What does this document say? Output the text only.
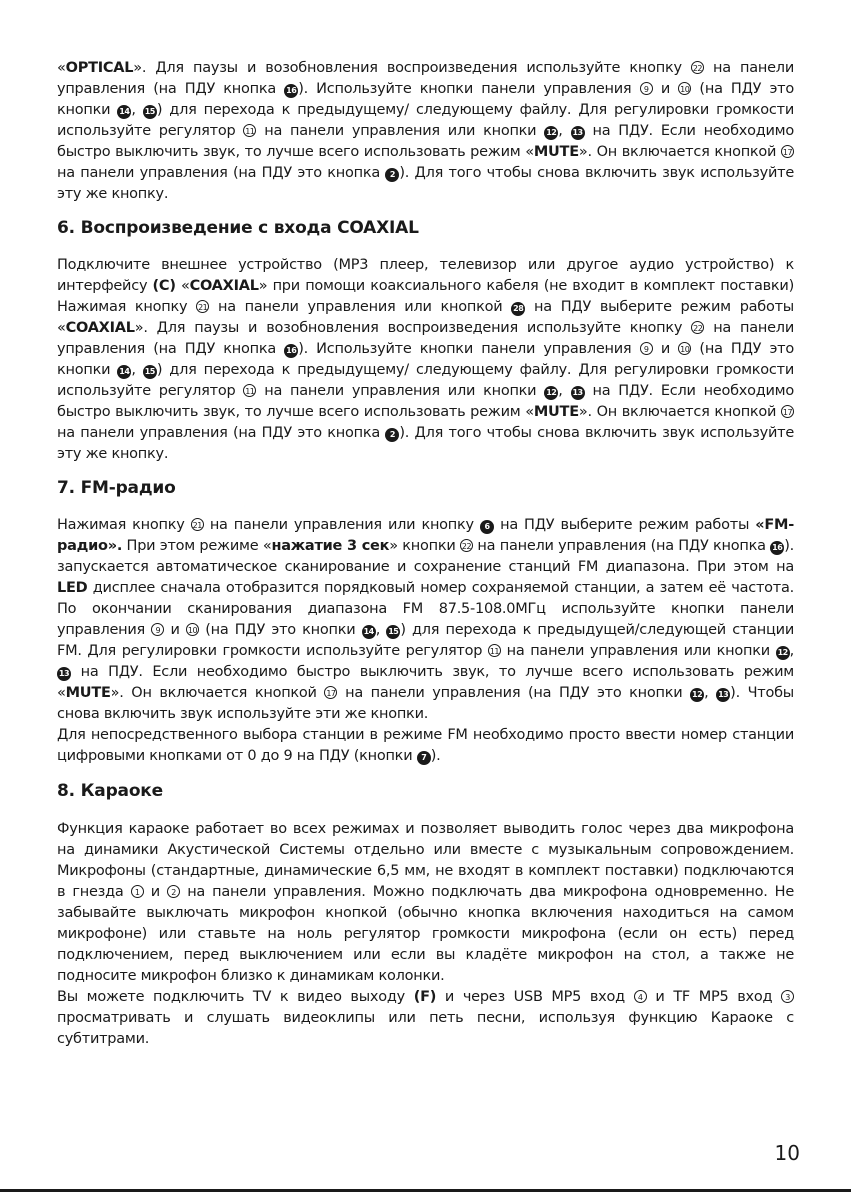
«OPTICAL». Для паузы и возобновления воспроизведения используйте кнопку 22 на панели управления (на ПДУ кнопка 16 ). Используйте кнопки панели управления 9 и 10 (на ПДУ это кнопки 14 , 15 ) для перехода к предыдущему/ следующему файлу. Для регулировки громкости используйте регулятор 11 на панели управления или кнопки 12 , 13 на ПДУ. Если необходимо быстро выключить звук, то лучше всего использовать режим «MUTE». Он включается кнопкой 17 на панели управления (на ПДУ это кнопка 2 ). Для того чтобы снова включить звук используйте эту же кнопку.

6. Воспроизведение с входа COAXIAL

Подключите внешнее устройство (МР3 плеер, телевизор или другое аудио устройство) к интерфейсу (C) «COAXIAL» при помощи коаксиального кабеля (не входит в комплект поставки) Нажимая кнопку 21 на панели управления или кнопкой 28 на ПДУ выберите режим работы «COAXIAL». Для паузы и возобновления воспроизведения используйте кнопку 22 на панели управления (на ПДУ кнопка 16 ). Используйте кнопки панели управления 9 и 10 (на ПДУ это кнопки 14 , 15 ) для перехода к предыдущему/ следующему файлу. Для регулировки громкости используйте регулятор 11 на панели управления или кнопки 12 , 13 на ПДУ. Если необходимо быстро выключить звук, то лучше всего использовать режим «MUTE». Он включается кнопкой 17 на панели управления (на ПДУ это кнопка 2 ). Для того чтобы снова включить звук используйте эту же кнопку.

7. FM-радио

Нажимая кнопку 21 на панели управления или кнопку 6 на ПДУ выберите режим работы «FM-радио». При этом режиме «нажатие 3 сек» кнопки 22 на панели управления (на ПДУ кнопка 16 ). запускается автоматическое сканирование и сохранение станций FM диапазона. При этом на LED дисплее сначала отобразится порядковый номер сохраняемой станции, а затем её частота. По окончании сканирования диапазона FM 87.5-108.0МГц используйте кнопки панели управления 9 и 10 (на ПДУ это кнопки 14 , 15 ) для перехода к предыдущей/следующей станции FM. Для регулировки громкости используйте регулятор 11 на панели управления или кнопки 12 , 13 на ПДУ. Если необходимо быстро выключить звук, то лучше всего использовать режим «MUTE». Он включается кнопкой 17 на панели управления (на ПДУ это кнопки 12 , 13 ). Чтобы снова включить звук используйте эти же кнопки.

Для непосредственного выбора станции в режиме FM необходимо просто ввести номер станции цифровыми кнопками от 0 до 9 на ПДУ (кнопки 7 ).

8. Караоке

Функция караоке работает во всех режимах и позволяет выводить голос через два микрофона на динамики Акустической Системы отдельно или вместе с музыкальным сопровождением. Микрофоны (стандартные, динамические 6,5 мм, не входят в комплект поставки) подключаются в гнезда 1 и 2 на панели управления. Можно подключать два микрофона одновременно. Не забывайте выключать микрофон кнопкой (обычно кнопка включения находиться на самом микрофоне) или ставьте на ноль регулятор громкости микрофона (если он есть) перед подключением, перед выключением или если вы кладёте микрофон на стол, а также не подносите микрофон близко к динамикам колонки.

Вы можете подключить TV к видео выходу (F) и через USB MP5 вход 4 и TF MP5 вход 3 просматривать и слушать видеоклипы или петь песни, используя функцию Караоке с субтитрами.

10
